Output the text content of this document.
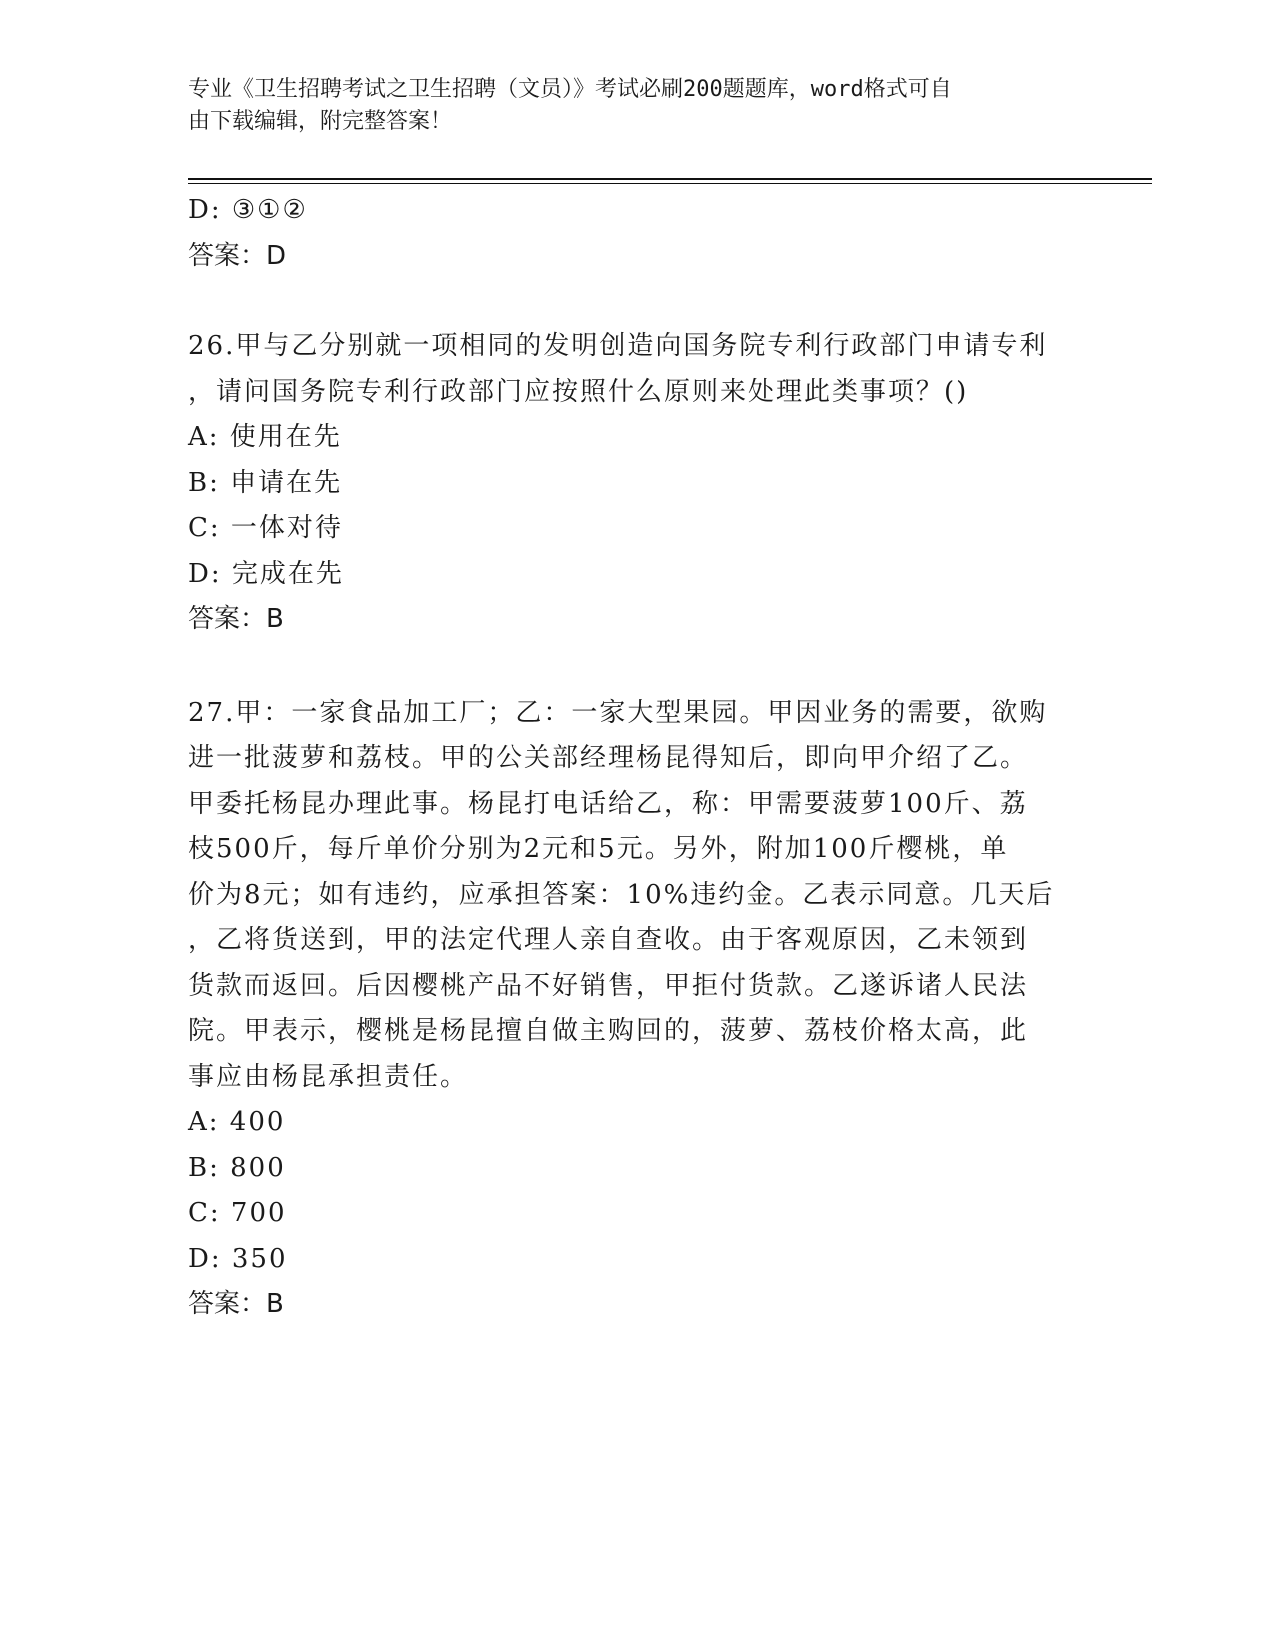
专业《卫生招聘考试之卫生招聘（文员）》考试必刷200题题库，word格式可自
由下载编辑，附完整答案！
D: ③①②
答案：D
26.甲与乙分别就一项相同的发明创造向国务院专利行政部门申请专利
，请问国务院专利行政部门应按照什么原则来处理此类事项？()
A: 使用在先
B: 申请在先
C: 一体对待
D: 完成在先
答案：B
27.甲：一家食品加工厂；乙：一家大型果园。甲因业务的需要，欲购
进一批菠萝和荔枝。甲的公关部经理杨昆得知后，即向甲介绍了乙。
甲委托杨昆办理此事。杨昆打电话给乙，称：甲需要菠萝100斤、荔
枝500斤，每斤单价分别为2元和5元。另外，附加100斤樱桃，单
价为8元；如有违约，应承担答案：10%违约金。乙表示同意。几天后
，乙将货送到，甲的法定代理人亲自查收。由于客观原因，乙未领到
货款而返回。后因樱桃产品不好销售，甲拒付货款。乙遂诉诸人民法
院。甲表示，樱桃是杨昆擅自做主购回的，菠萝、荔枝价格太高，此
事应由杨昆承担责任。
A: 400
B: 800
C: 700
D: 350
答案：B
